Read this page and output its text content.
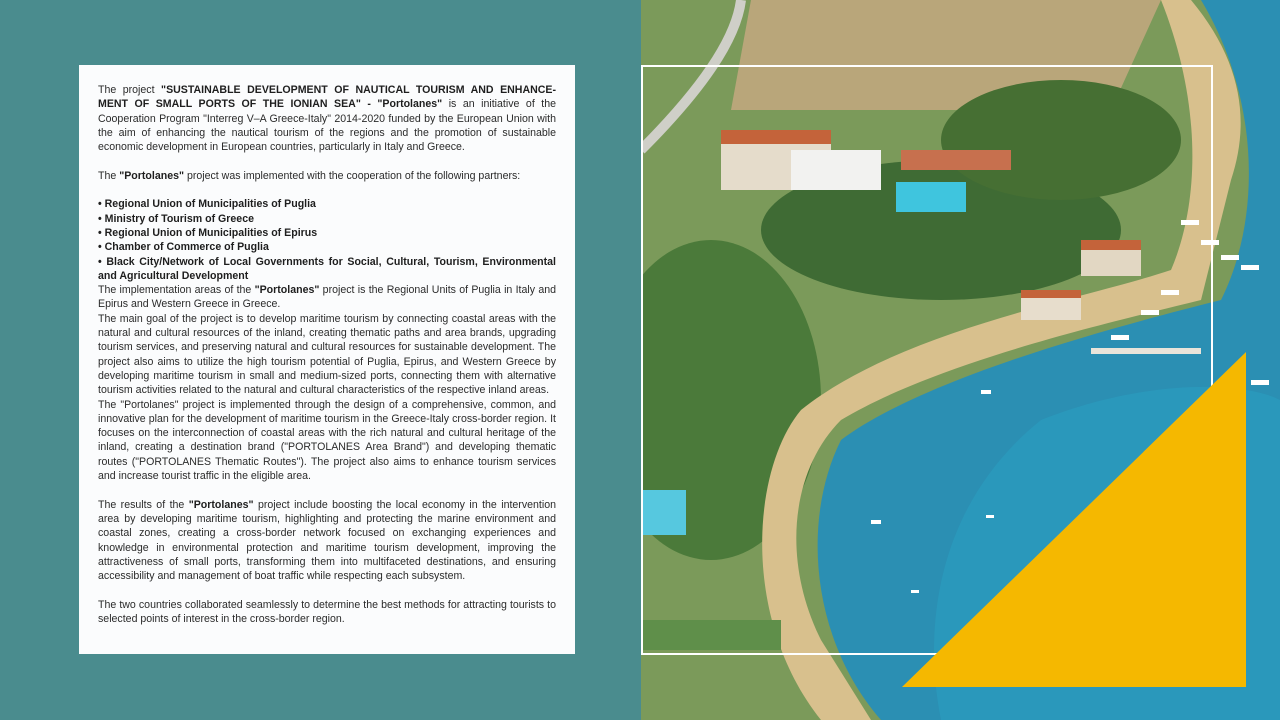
The project "SUSTAINABLE DEVELOPMENT OF NAUTICAL TOURISM AND ENHANCE-MENT OF SMALL PORTS OF THE IONIAN SEA" - "Portolanes" is an initiative of the Cooperation Program "Interreg V–A Greece-Italy" 2014-2020 funded by the European Union with the aim of enhancing the nautical tourism of the regions and the promotion of sustainable economic development in European countries, particularly in Italy and Greece.

The "Portolanes" project was implemented with the cooperation of the following partners:

• Regional Union of Municipalities of Puglia

• Ministry of Tourism of Greece

• Regional Union of Municipalities of Epirus

• Chamber of Commerce of Puglia

• Black City/Network of Local Governments for Social, Cultural, Tourism, Environmental and Agricultural Development

The implementation areas of the "Portolanes" project is the Regional Units of Puglia in Italy and Epirus and Western Greece in Greece.

The main goal of the project is to develop maritime tourism by connecting coastal areas with the natural and cultural resources of the inland, creating thematic paths and area brands, upgrading tourism services, and preserving natural and cultural resources for sustainable development. The project also aims to utilize the high tourism potential of Puglia, Epirus, and Western Greece by developing maritime tourism in small and medium-sized ports, connecting them with alternative tourism activities related to the natural and cultural characteristics of the respective inland areas.

The "Portolanes" project is implemented through the design of a comprehensive, common, and innovative plan for the development of maritime tourism in the Greece-Italy cross-border region. It focuses on the interconnection of coastal areas with the rich natural and cultural heritage of the inland, creating a destination brand ("PORTOLANES Area Brand") and developing thematic routes ("PORTOLANES Thematic Routes"). The project also aims to enhance tourism services and increase tourist traffic in the eligible area.

The results of the "Portolanes" project include boosting the local economy in the intervention area by developing maritime tourism, highlighting and protecting the marine environment and coastal zones, creating a cross-border network focused on exchanging experiences and knowledge in environmental protection and maritime tourism development, improving the attractiveness of small ports, transforming them into multifaceted destinations, and ensuring accessibility and management of boat traffic while respecting each subsystem.

The two countries collaborated seamlessly to determine the best methods for attracting tourists to selected points of interest in the cross-border region.
